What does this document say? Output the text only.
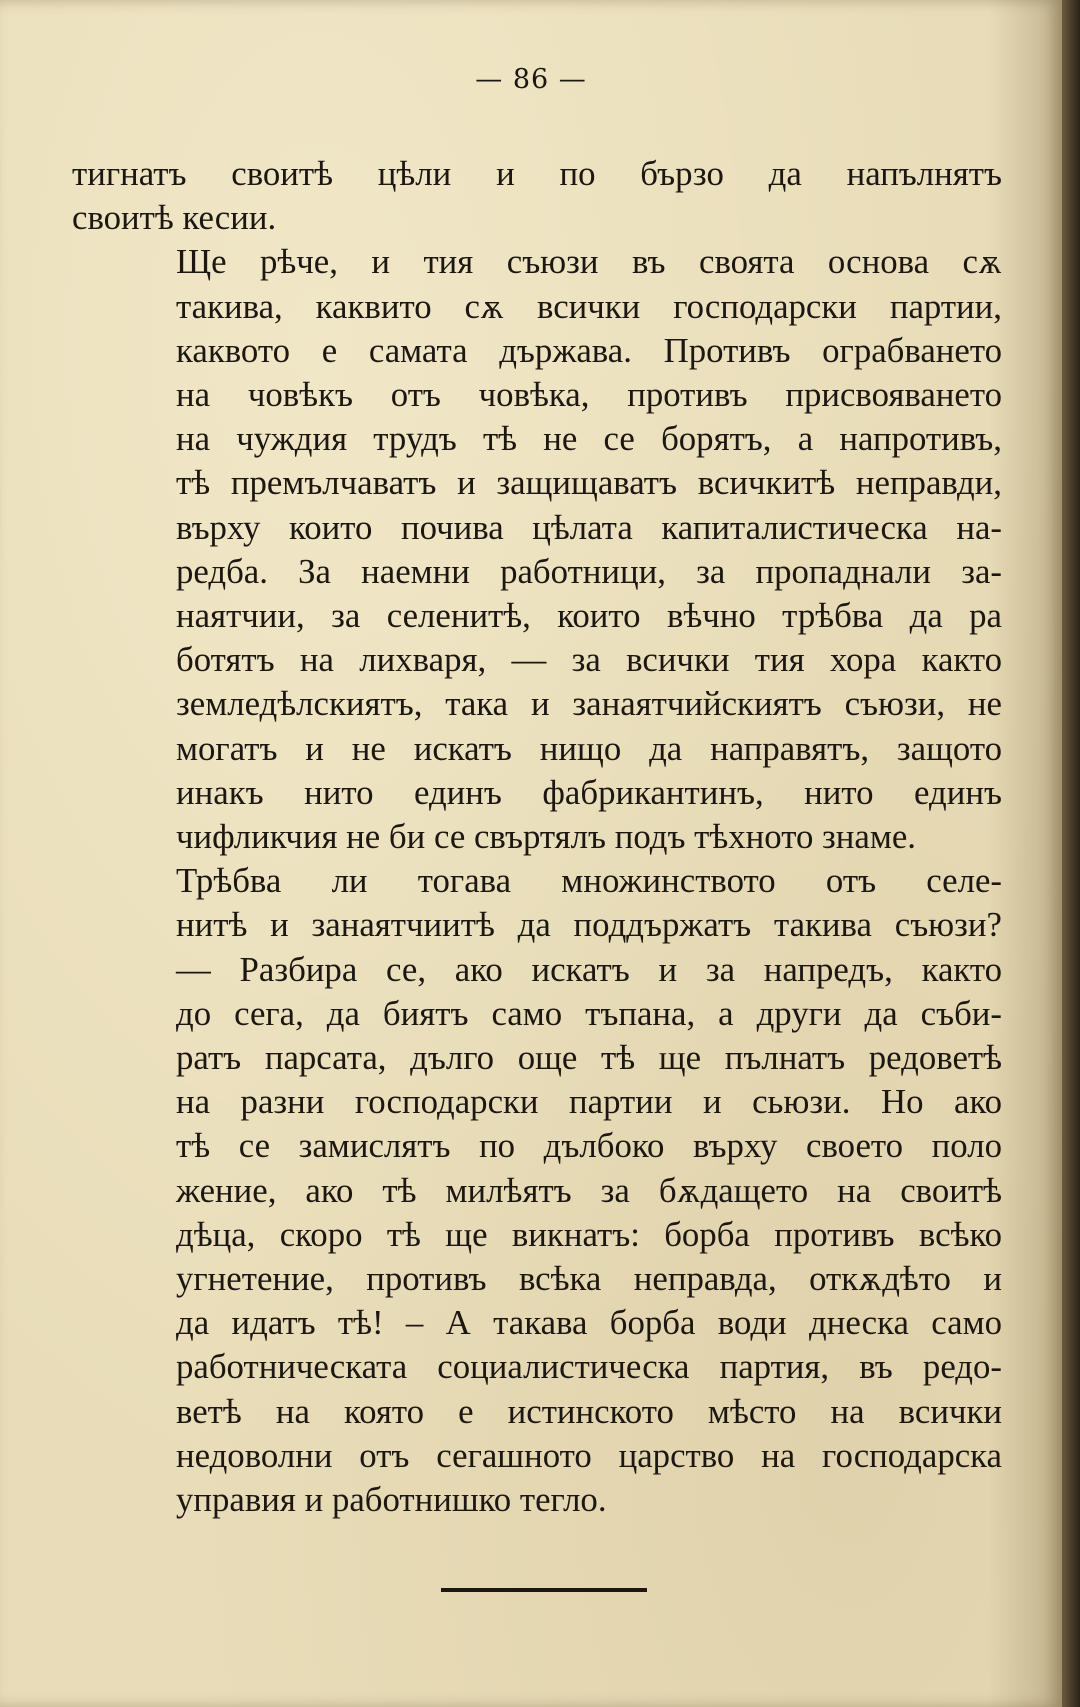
— 86 —
тигнатъ своитѣ цѣли и по бързо да напълнятъ
своитѣ кесии.
Ще рѣче, и тия съюзи въ своята основа сѫ
такива, каквито сѫ всички господарски партии,
каквото е самата държава. Противъ ограбването
на човѣкъ отъ човѣка, противъ присвояването
на чуждия трудъ тѣ не се борятъ, а напротивъ,
тѣ премълчаватъ и защищаватъ всичкитѣ неправди,
върху които почива цѣлата капиталистическа на-
редба. За наемни работници, за пропаднали за-
наятчии, за селенитѣ, които вѣчно трѣбва да ра
ботятъ на лихваря, — за всички тия хора както
земледѣлскиятъ, така и занаятчийскиятъ съюзи, не
могатъ и не искатъ нищо да направятъ, защото
инакъ нито единъ фабрикантинъ, нито единъ
чифликчия не би се свъртялъ подъ тѣхното знаме.
Трѣбва ли тогава множинството отъ селе-
нитѣ и занаятчиитѣ да поддържатъ такива съюзи?
— Разбира се, ако искатъ и за напредъ, както
до сега, да биятъ само тъпана, а други да съби-
ратъ парсата, дълго още тѣ ще пълнатъ редоветѣ
на разни господарски партии и сьюзи. Но ако
тѣ се замислятъ по дълбоко върху своето поло
жение, ако тѣ милѣятъ за бѫдащето на своитѣ
дѣца, скоро тѣ ще викнатъ: борба противъ всѣко
угнетение, противъ всѣка неправда, откѫдѣто и
да идатъ тѣ! – А такава борба води днеска само
работническата социалистическа партия, въ редо-
ветѣ на която е истинското мѣсто на всички
недоволни отъ сегашното царство на господарска
управия и работнишко тегло.
